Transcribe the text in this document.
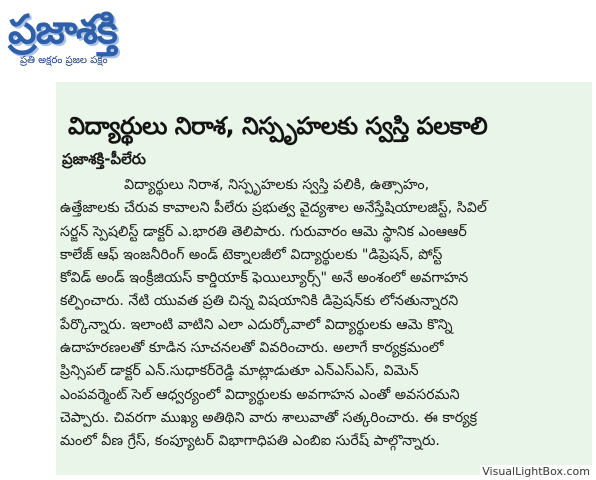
ప్రజాశక్తి
ప్రతి అక్షరం ప్రజల పక్షం
విద్యార్థులు నిరాశ, నిస్పృహలకు స్వస్తి పలకాలి
ప్రజాశక్తి-పీలేరు
విద్యార్థులు నిరాశ, నిస్పృహలకు స్వస్తి పలికి, ఉత్సాహం,
ఉత్తేజాలకు చేరువ కావాలని పీలేరు ప్రభుత్వ వైద్యశాల అనేస్తేషియాలజిస్ట్, సివిల్
సర్జన్ స్పెషలిస్ట్ డాక్టర్ ఎ.భారతి తెలిపారు. గురువారం ఆమె స్థానిక ఎంఆఆర్
కాలేజ్ ఆఫ్ ఇంజనీరింగ్ అండ్ టెక్నాలజీలో విద్యార్థులకు "డిప్రెషన్, పోస్ట్
కోవిడ్ అండ్ ఇంక్రీజియస్ కార్డియాక్ ఫెయిల్యూర్స్" అనే అంశంలో అవగాహన
కల్పించారు. నేటి యువత ప్రతి చిన్న విషయానికి డిప్రెషన్‌కు లోనతున్నారని
పేర్కొన్నారు. ఇలాంటి వాటిని ఎలా ఎదుర్కోవాలో విద్యార్థులకు ఆమె కొన్ని
ఉదాహరణలతో కూడిన సూచనలతో వివరించారు. అలాగే కార్యక్రమంలో
ప్రిన్సిపల్ డాక్టర్ ఎన్.సుధాకర్‌రెడ్డి మాట్లాడుతూ ఎన్ఎస్ఎస్, విమెన్
ఎంపవర్మెంట్ సెల్ ఆధ్వర్యంలో విద్యార్థులకు అవగాహన ఎంతో అవసరమని
చెప్పారు. చివరగా ముఖ్య అతిథిని వారు శాలువాతో సత్కరించారు. ఈ కార్యక్ర
మంలో వీణ గ్రేస్, కంప్యూటర్ విభాగాధిపతి ఎంబిఐ సురేష్ పాల్గొన్నారు.
VisualLightBox.com
